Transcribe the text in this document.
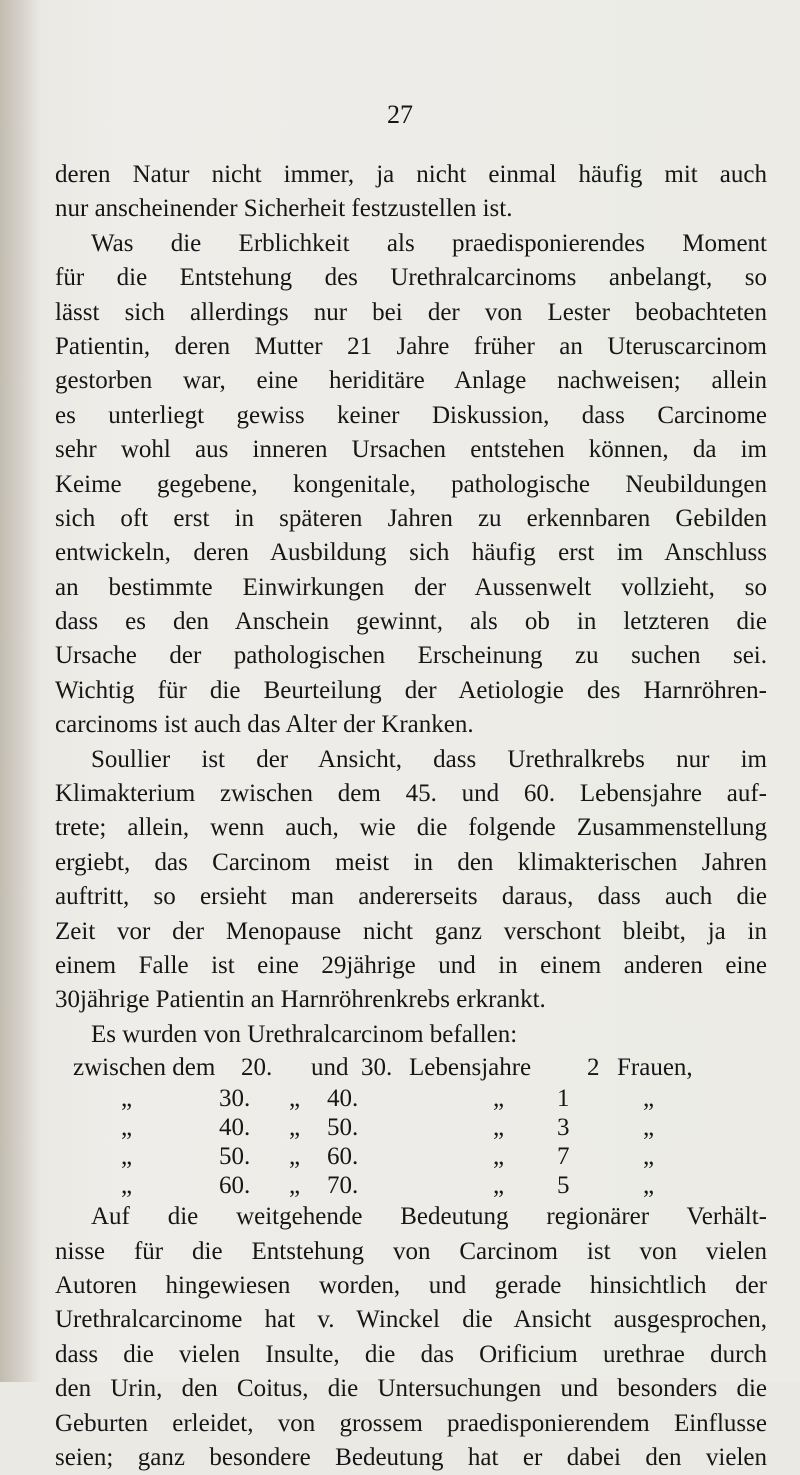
27
deren Natur nicht immer, ja nicht einmal häufig mit auch
nur anscheinender Sicherheit festzustellen ist.
Was die Erblichkeit als praedisponierendes Moment
für die Entstehung des Urethralcarcinoms anbelangt, so
lässt sich allerdings nur bei der von Lester beobachteten
Patientin, deren Mutter 21 Jahre früher an Uteruscarcinom
gestorben war, eine heriditäre Anlage nachweisen; allein
es unterliegt gewiss keiner Diskussion, dass Carcinome
sehr wohl aus inneren Ursachen entstehen können, da im
Keime gegebene, kongenitale, pathologische Neubildungen
sich oft erst in späteren Jahren zu erkennbaren Gebilden
entwickeln, deren Ausbildung sich häufig erst im Anschluss
an bestimmte Einwirkungen der Aussenwelt vollzieht, so
dass es den Anschein gewinnt, als ob in letzteren die
Ursache der pathologischen Erscheinung zu suchen sei.
Wichtig für die Beurteilung der Aetiologie des Harnröhren-
carcinoms ist auch das Alter der Kranken.
Soullier ist der Ansicht, dass Urethralkrebs nur im
Klimakterium zwischen dem 45. und 60. Lebensjahre auf-
trete; allein, wenn auch, wie die folgende Zusammenstellung
ergiebt, das Carcinom meist in den klimakterischen Jahren
auftritt, so ersieht man andererseits daraus, dass auch die
Zeit vor der Menopause nicht ganz verschont bleibt, ja in
einem Falle ist eine 29jährige und in einem anderen eine
30jährige Patientin an Harnröhrenkrebs erkrankt.
Es wurden von Urethralcarcinom befallen:
zwischen dem	20.	und 30. Lebensjahre	2 Frauen,
„	30.	„	40.	„	1	„
„	40.	„	50.	„	3	„
„	50.	„	60.	„	7	„
„	60.	„	70.	„	5	„
Auf die weitgehende Bedeutung regionärer Verhält-
nisse für die Entstehung von Carcinom ist von vielen
Autoren hingewiesen worden, und gerade hinsichtlich der
Urethralcarcinome hat v. Winckel die Ansicht ausgesprochen,
dass die vielen Insulte, die das Orificium urethrae durch
den Urin, den Coitus, die Untersuchungen und besonders die
Geburten erleidet, von grossem praedisponierendem Einflusse
seien; ganz besondere Bedeutung hat er dabei den vielen
